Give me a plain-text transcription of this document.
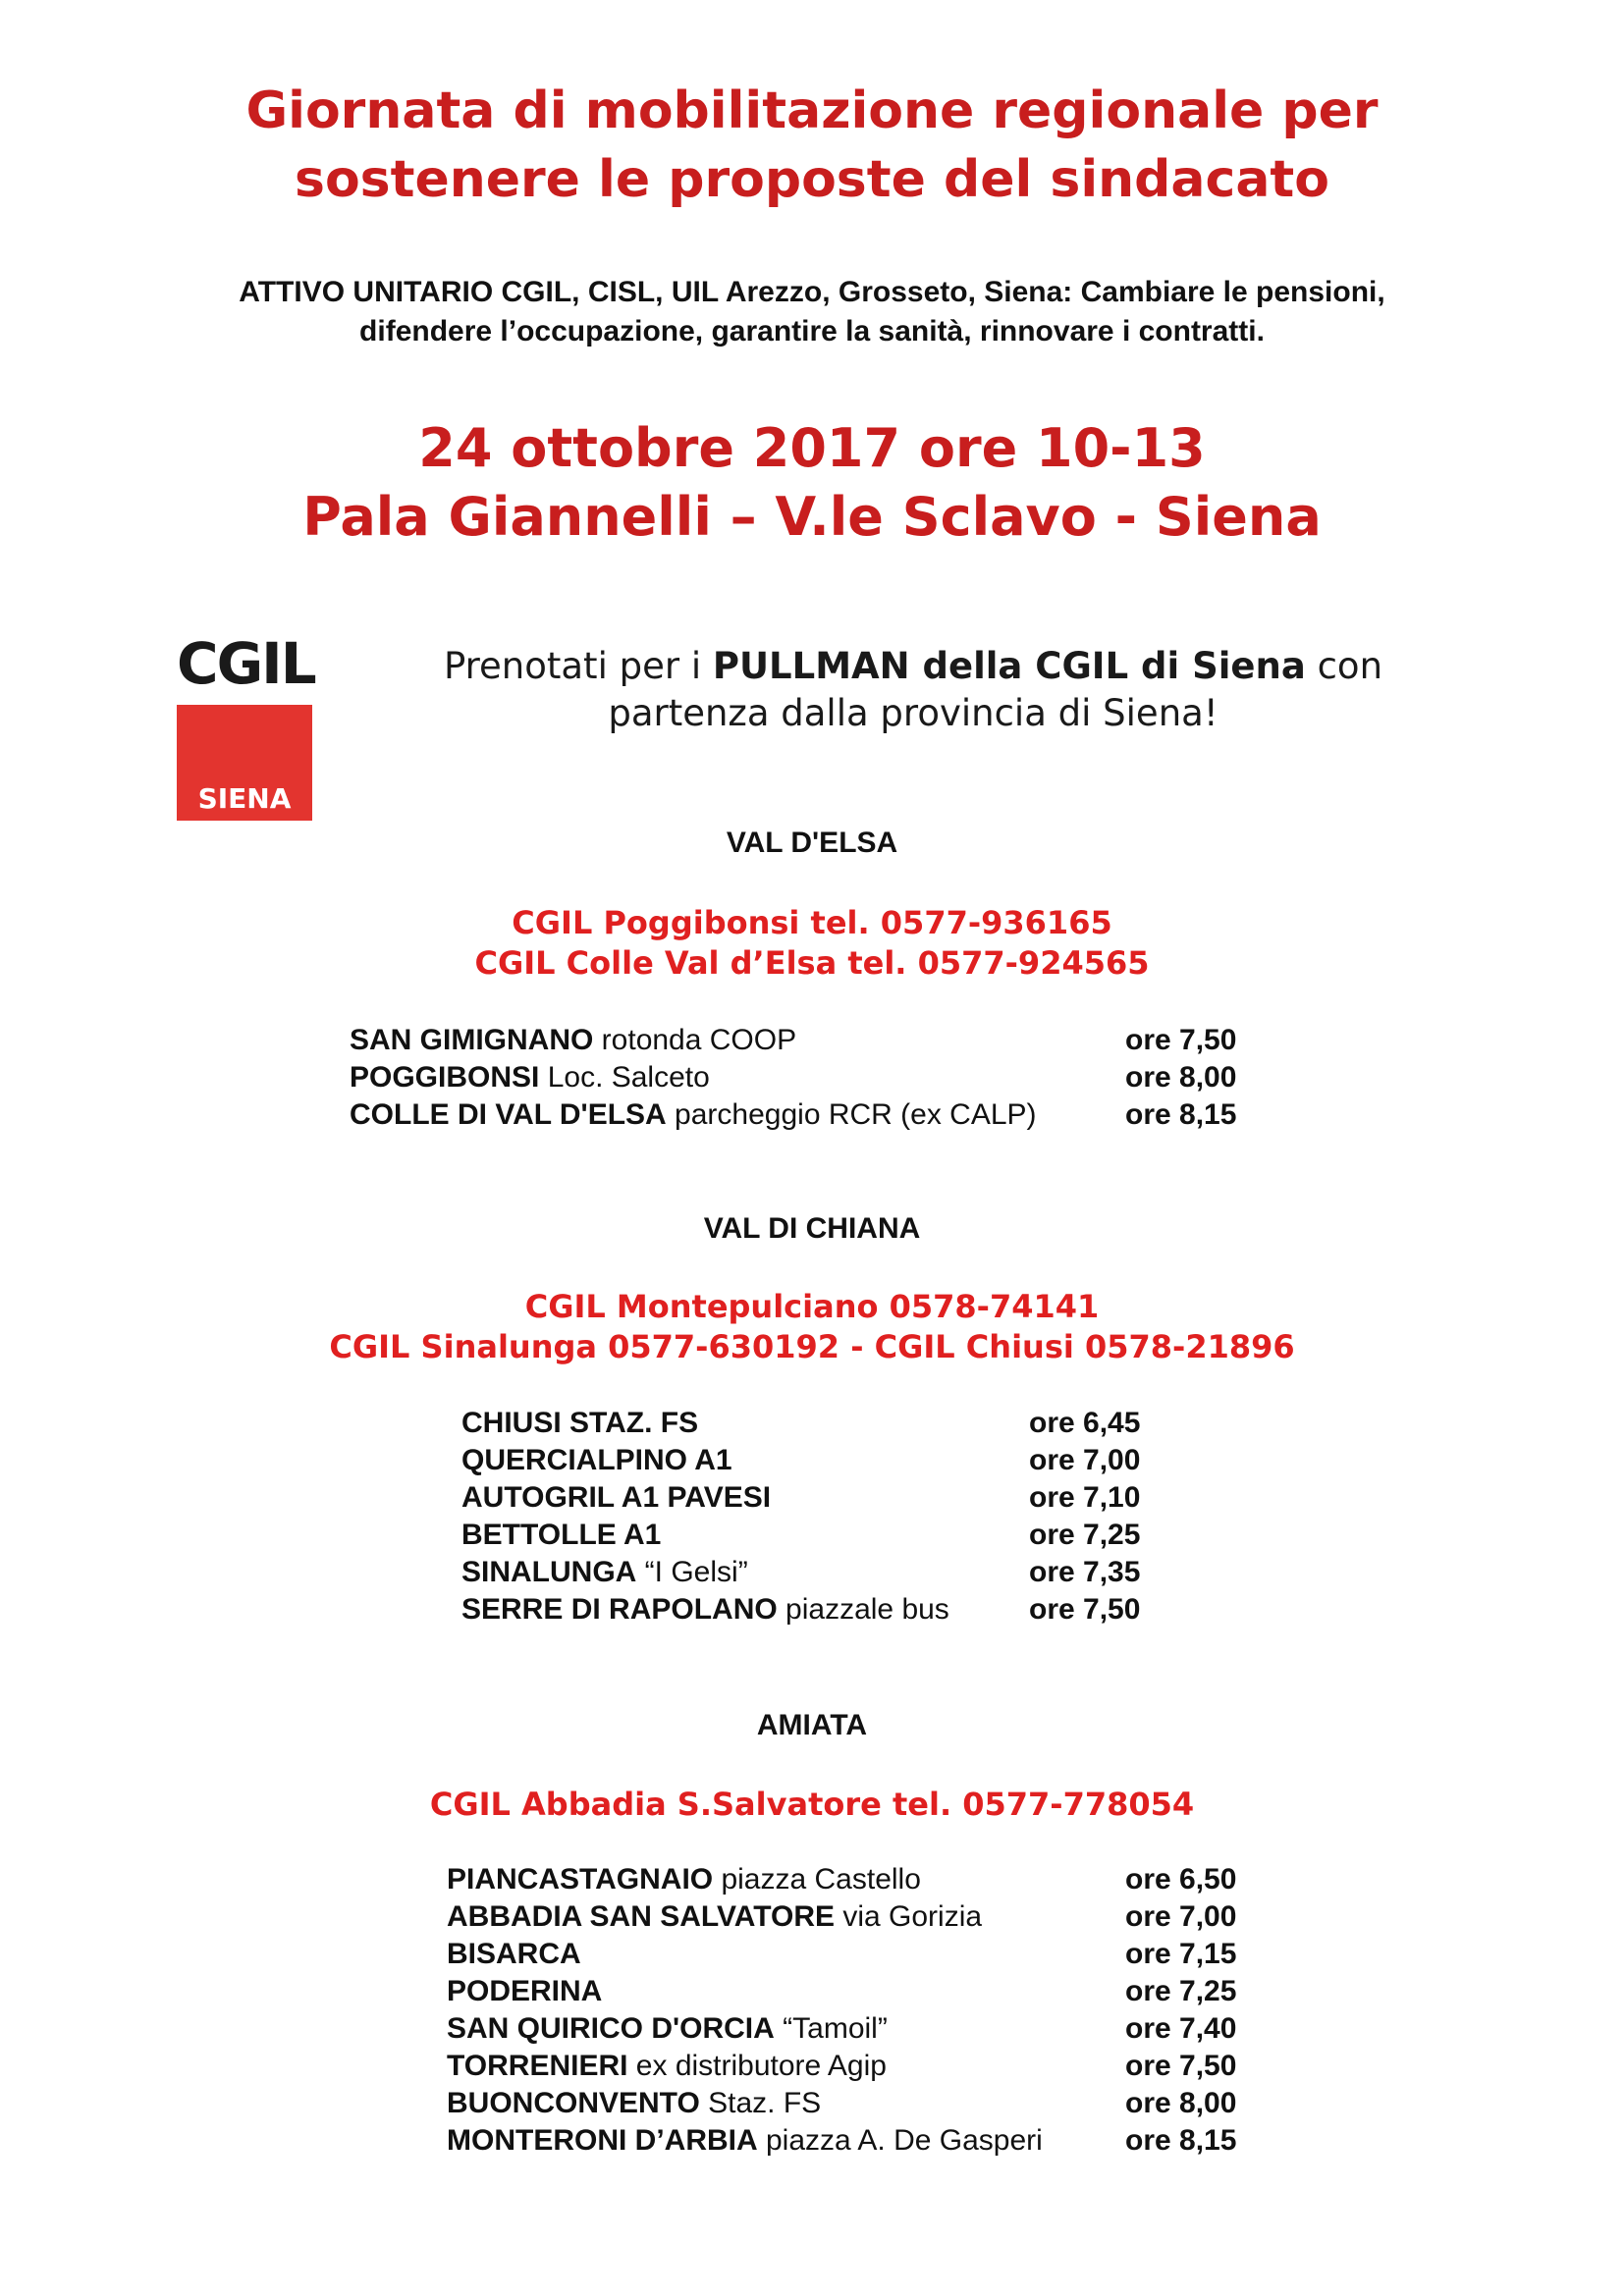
Giornata di mobilitazione regionale per
sostenere le proposte del sindacato
ATTIVO UNITARIO CGIL, CISL, UIL Arezzo, Grosseto, Siena: Cambiare le pensioni,
difendere l’occupazione, garantire la sanità, rinnovare i contratti.
24 ottobre 2017 ore 10-13
Pala Giannelli – V.le Sclavo - Siena
CGIL
SIENA
Prenotati per i PULLMAN della CGIL di Siena con
partenza dalla provincia di Siena!
VAL D'ELSA
CGIL Poggibonsi tel. 0577-936165
CGIL Colle Val d’Elsa tel. 0577-924565
SAN GIMIGNANO rotonda COOP	ore 7,50
POGGIBONSI Loc. Salceto	ore 8,00
COLLE DI VAL D'ELSA parcheggio RCR (ex CALP)	ore 8,15
VAL DI CHIANA
CGIL Montepulciano 0578-74141
CGIL Sinalunga 0577-630192 - CGIL Chiusi 0578-21896
CHIUSI STAZ. FS	ore 6,45
QUERCIALPINO A1	ore 7,00
AUTOGRIL A1 PAVESI	ore 7,10
BETTOLLE A1	ore 7,25
SINALUNGA “I Gelsi”	ore 7,35
SERRE DI RAPOLANO piazzale bus	ore 7,50
AMIATA
CGIL Abbadia S.Salvatore tel. 0577-778054
PIANCASTAGNAIO piazza Castello	ore 6,50
ABBADIA SAN SALVATORE via Gorizia	ore 7,00
BISARCA	ore 7,15
PODERINA	ore 7,25
SAN QUIRICO D'ORCIA “Tamoil”	ore 7,40
TORRENIERI ex distributore Agip	ore 7,50
BUONCONVENTO Staz. FS	ore 8,00
MONTERONI D’ARBIA piazza A. De Gasperi	ore 8,15
